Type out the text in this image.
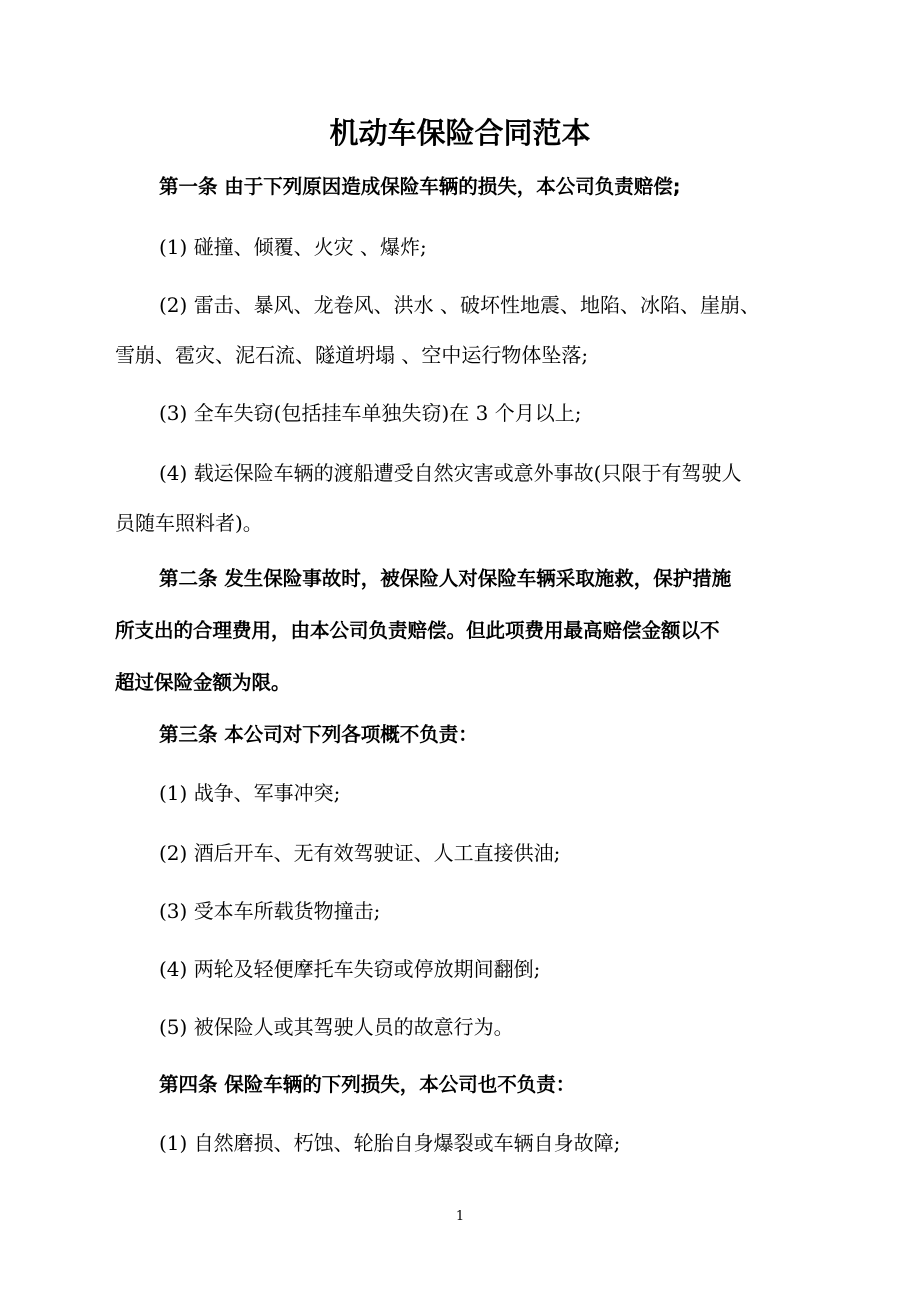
机动车保险合同范本

第一条 由于下列原因造成保险车辆的损失，本公司负责赔偿;

(1) 碰撞、倾覆、火灾 、爆炸;

(2) 雷击、暴风、龙卷风、洪水 、破坏性地震、地陷、冰陷、崖崩、
雪崩、雹灾、泥石流、隧道坍塌 、空中运行物体坠落;

(3) 全车失窃(包括挂车单独失窃)在 3 个月以上;

(4) 载运保险车辆的渡船遭受自然灾害或意外事故(只限于有驾驶人
员随车照料者)。

第二条 发生保险事故时，被保险人对保险车辆采取施救，保护措施
所支出的合理费用，由本公司负责赔偿。但此项费用最高赔偿金额以不
超过保险金额为限。

第三条 本公司对下列各项概不负责：

(1) 战争、军事冲突;

(2) 酒后开车、无有效驾驶证、人工直接供油;

(3) 受本车所载货物撞击;

(4) 两轮及轻便摩托车失窃或停放期间翻倒;

(5) 被保险人或其驾驶人员的故意行为。

第四条 保险车辆的下列损失，本公司也不负责：

(1) 自然磨损、朽蚀、轮胎自身爆裂或车辆自身故障;

1
